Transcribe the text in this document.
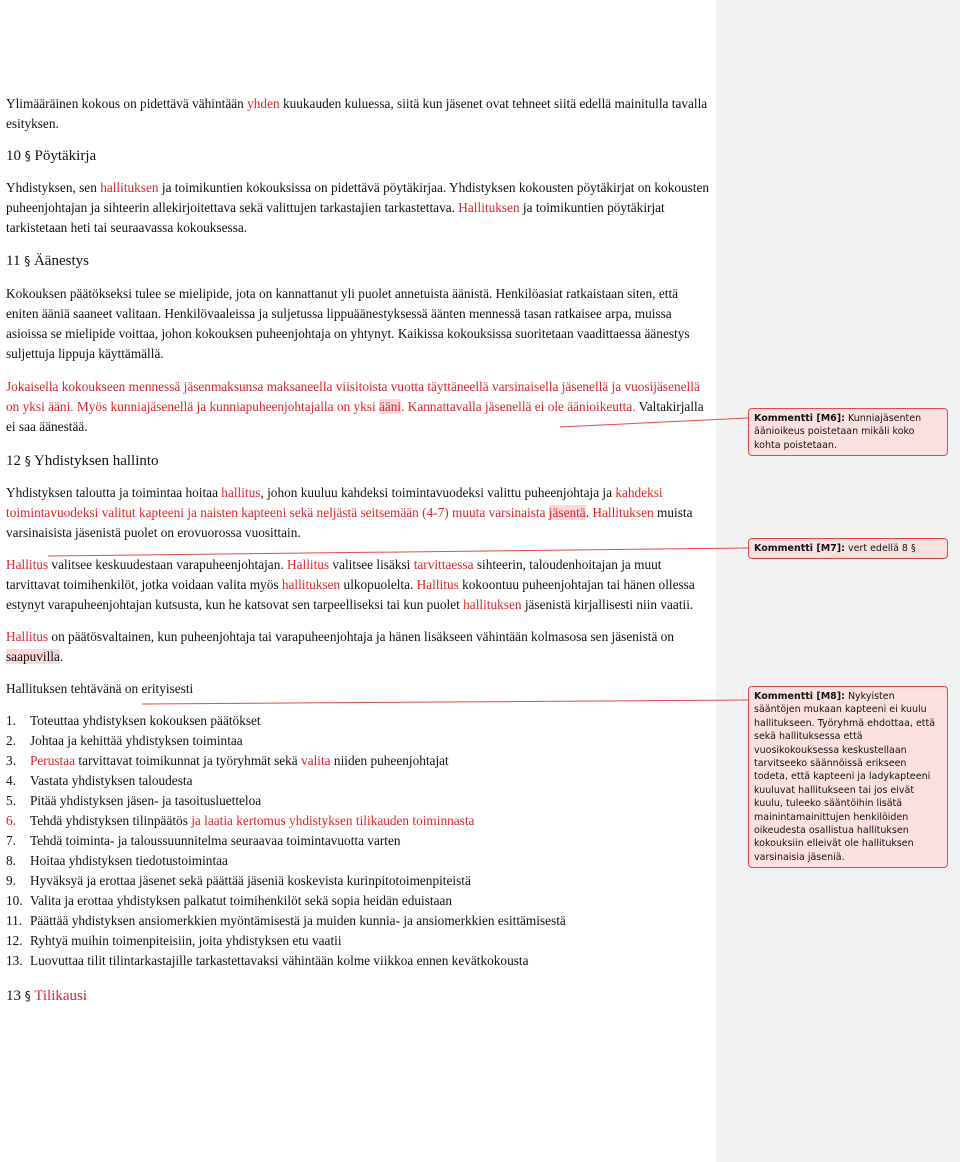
Ylimääräinen kokous on pidettävä vähintään yhden kuukauden kuluessa, siitä kun jäsenet ovat tehneet siitä edellä mainitulla tavalla esityksen.

10 § Pöytäkirja

Yhdistyksen, sen hallituksen ja toimikuntien kokouksissa on pidettävä pöytäkirjaa. Yhdistyksen kokousten pöytäkirjat on kokousten puheenjohtajan ja sihteerin allekirjoitettava sekä valittujen tarkastajien tarkastettava. Hallituksen ja toimikuntien pöytäkirjat tarkistetaan heti tai seuraavassa kokouksessa.

11 § Äänestys

Kokouksen päätökseksi tulee se mielipide, jota on kannattanut yli puolet annetuista äänistä. Henkilöasiat ratkaistaan siten, että eniten ääniä saaneet valitaan. Henkilövaaleissa ja suljetussa lippuäänestyksessä äänten mennessä tasan ratkaisee arpa, muissa asioissa se mielipide voittaa, johon kokouksen puheenjohtaja on yhtynyt. Kaikissa kokouksissa suoritetaan vaadittaessa äänestys suljettuja lippuja käyttämällä.

Jokaisella kokoukseen mennessä jäsenmaksunsa maksaneella viisitoista vuotta täyttäneellä varsinaisella jäsenellä ja vuosijäsenellä on yksi ääni. Myös kunniajäsenellä ja kunniapuheenjohtajalla on yksi ääni. Kannattavalla jäsenellä ei ole äänioikeutta. Valtakirjalla ei saa äänestää.

12 § Yhdistyksen hallinto

Yhdistyksen taloutta ja toimintaa hoitaa hallitus, johon kuuluu kahdeksi toimintavuodeksi valittu puheenjohtaja ja kahdeksi toimintavuodeksi valitut kapteeni ja naisten kapteeni sekä neljästä seitsemään (4-7) muuta varsinaista jäsentä. Hallituksen muista varsinaisista jäsenistä puolet on erovuorossa vuosittain.

Hallitus valitsee keskuudestaan varapuheenjohtajan. Hallitus valitsee lisäksi tarvittaessa sihteerin, taloudenhoitajan ja muut tarvittavat toimihenkilöt, jotka voidaan valita myös hallituksen ulkopuolelta. Hallitus kokoontuu puheenjohtajan tai hänen ollessa estynyt varapuheenjohtajan kutsusta, kun he katsovat sen tarpeelliseksi tai kun puolet hallituksen jäsenistä kirjallisesti niin vaatii.

Hallitus on päätösvaltainen, kun puheenjohtaja tai varapuheenjohtaja ja hänen lisäkseen vähintään kolmasosa sen jäsenistä on saapuvilla.

Hallituksen tehtävänä on erityisesti

1.	Toteuttaa yhdistyksen kokouksen päätökset
2.	Johtaa ja kehittää yhdistyksen toimintaa
3.	Perustaa tarvittavat toimikunnat ja työryhmät sekä valita niiden puheenjohtajat
4.	Vastata yhdistyksen taloudesta
5.	Pitää yhdistyksen jäsen- ja tasoitusluetteloa
6.	Tehdä yhdistyksen tilinpäätös ja laatia kertomus yhdistyksen tilikauden toiminnasta
7.	Tehdä toiminta- ja taloussuunnitelma seuraavaa toimintavuotta varten
8.	Hoitaa yhdistyksen tiedotustoimintaa
9.	Hyväksyä ja erottaa jäsenet sekä päättää jäseniä koskevista kurinpitotoimenpiteistä
10. Valita ja erottaa yhdistyksen palkatut toimihenkilöt sekä sopia heidän eduistaan
11. Päättää yhdistyksen ansiomerkkien myöntämisestä ja muiden kunnia- ja ansiomerkkien esittämisestä
12. Ryhtyä muihin toimenpiteisiin, joita yhdistyksen etu vaatii
13. Luovuttaa tilit tilintarkastajille tarkastettavaksi vähintään kolme viikkoa ennen kevätkokousta

13 § Tilikausi

Kommentti [M6]: Kunniajäsenten äänioikeus poistetaan mikäli koko kohta poistetaan.
Kommentti [M7]: vert edellä 8 §
Kommentti [M8]: Nykyisten sääntöjen mukaan kapteeni ei kuulu hallitukseen. Työryhmä ehdottaa, että sekä hallituksessa että vuosikokouksessa keskustellaan tarvitseeko säännöissä erikseen todeta, että kapteeni ja ladykapteeni kuuluvat hallitukseen tai jos eivät kuulu, tuleeko sääntöihin lisätä mainintamainittujen henkilöiden oikeudesta osallistua hallituksen kokouksiin elleivät ole hallituksen varsinaisia jäseniä.
